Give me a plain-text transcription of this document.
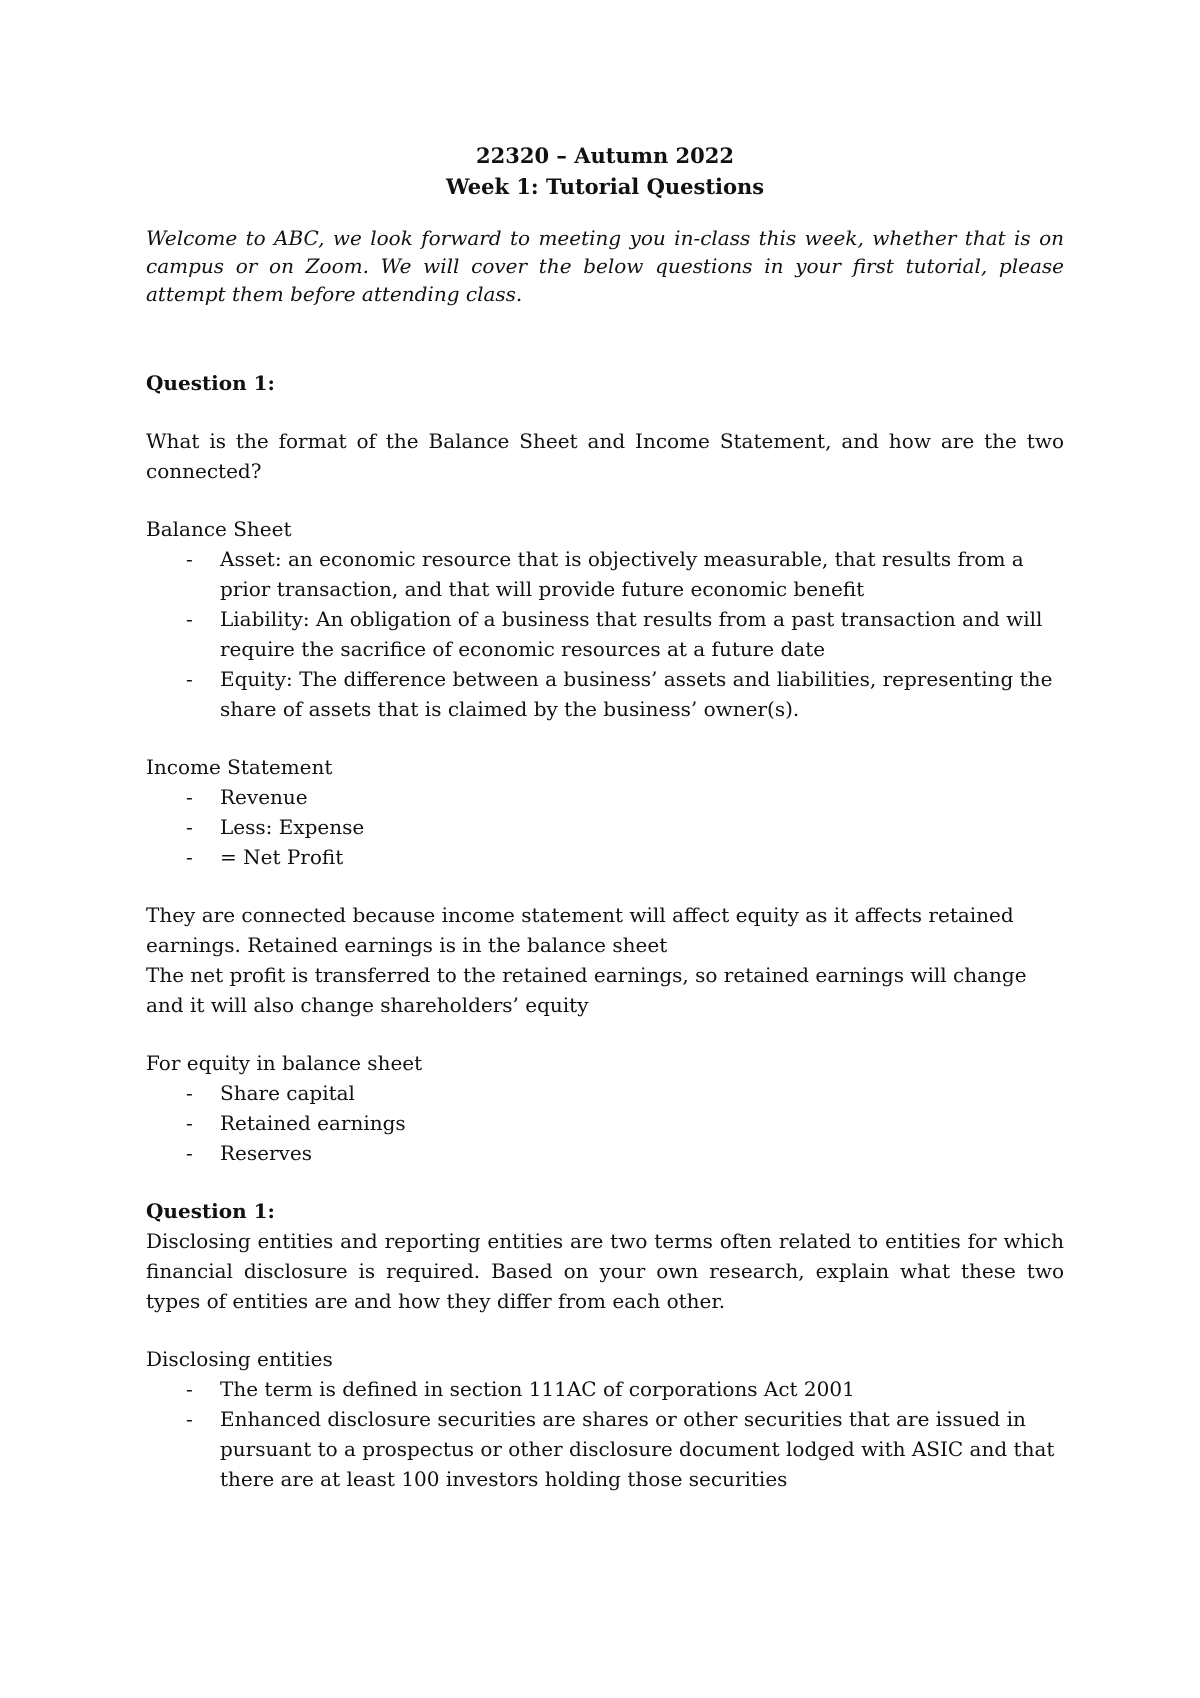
22320 – Autumn 2022
Week 1: Tutorial Questions

Welcome to ABC, we look forward to meeting you in-class this week, whether that is on campus or on Zoom. We will cover the below questions in your first tutorial, please attempt them before attending class.

Question 1:

What is the format of the Balance Sheet and Income Statement, and how are the two connected?

Balance Sheet

- Asset: an economic resource that is objectively measurable, that results from a prior transaction, and that will provide future economic benefit
- Liability: An obligation of a business that results from a past transaction and will require the sacrifice of economic resources at a future date
- Equity: The difference between a business’ assets and liabilities, representing the share of assets that is claimed by the business’ owner(s).

Income Statement

- Revenue
- Less: Expense
- = Net Profit

They are connected because income statement will affect equity as it affects retained earnings. Retained earnings is in the balance sheet

The net profit is transferred to the retained earnings, so retained earnings will change and it will also change shareholders’ equity

For equity in balance sheet

- Share capital
- Retained earnings
- Reserves
Question 1:

Disclosing entities and reporting entities are two terms often related to entities for which financial disclosure is required. Based on your own research, explain what these two types of entities are and how they differ from each other.

Disclosing entities

- The term is defined in section 111AC of corporations Act 2001
- Enhanced disclosure securities are shares or other securities that are issued in pursuant to a prospectus or other disclosure document lodged with ASIC and that there are at least 100 investors holding those securities
